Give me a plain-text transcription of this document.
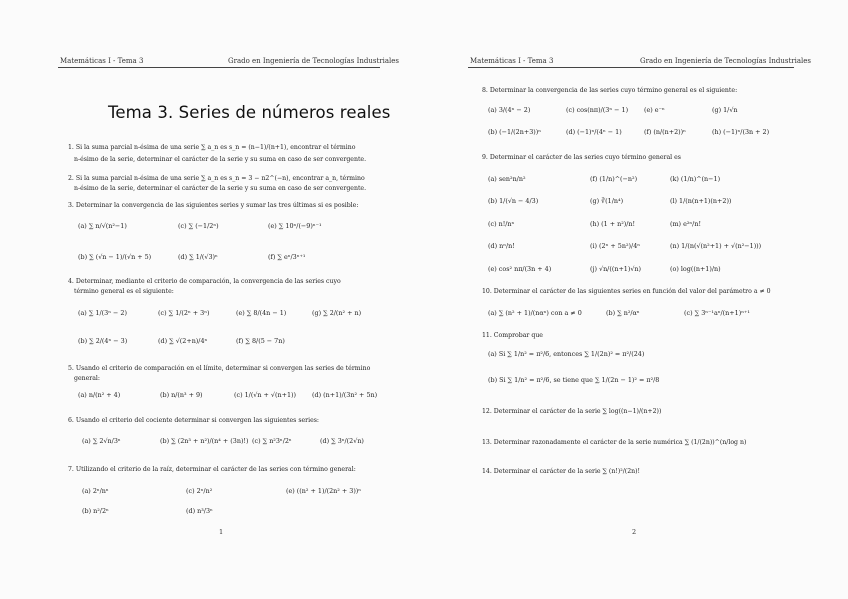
Matemáticas I - Tema 3	Grado en Ingeniería de Tecnologías Industriales
Tema 3. Series de números reales
1. Si la suma parcial n-ésima de una serie ∑ a_n es s_n = (n−1)/(n+1), encontrar el término
n-ésimo de la serie, determinar el carácter de la serie y su suma en caso de ser convergente.
2. Si la suma parcial n-ésima de una serie ∑ a_n es s_n = 3 − n2^(−n), encontrar a_n, término
n-ésimo de la serie, determinar el carácter de la serie y su suma en caso de ser convergente.
3. Determinar la convergencia de las siguientes series y sumar las tres últimas si es posible:
(a) ∑ n/√(n²−1)	(c) ∑ (−1/2ⁿ)	(e) ∑ 10ⁿ/(−9)ⁿ⁻¹
(b) ∑ (√n − 1)/(√n + 5)	(d) ∑ 1/(√3)ⁿ	(f) ∑ eⁿ/3ⁿ⁺¹
4. Determinar, mediante el criterio de comparación, la convergencia de las series cuyo
término general es el siguiente:
(a) ∑ 1/(3ⁿ − 2)	(c) ∑ 1/(2ⁿ + 3ⁿ)	(e) ∑ 8/(4n − 1)	(g) ∑ 2/(n² + n)
(b) ∑ 2/(4ⁿ − 3)	(d) ∑ √(2+n)/4ⁿ	(f) ∑ 8/(5 − 7n)
5. Usando el criterio de comparación en el límite, determinar si convergen las series de término
general:
(a) n/(n² + 4)	(b) n/(n³ + 9)	(c) 1/(√n + √(n+1)) (d) (n+1)/(3n² + 5n)
6. Usando el criterio del cociente determinar si convergen las siguientes series:
(a) ∑ 2√n/3ⁿ	(b) ∑ (2n³ + n²)/(n⁴ + (3n)!) (c) ∑ n²3ⁿ/2ⁿ	(d) ∑ 3ⁿ/(2√n)
7. Utilizando el criterio de la raíz, determinar el carácter de las series con término general:
(a) 2ⁿ/nⁿ	(c) 2ⁿ/n²	(e) ((n² + 1)/(2n² + 3))ⁿ
(b) n²/2ⁿ	(d) n³/3ⁿ
1
Matemáticas I - Tema 3	Grado en Ingeniería de Tecnologías Industriales
8. Determinar la convergencia de las series cuyo término general es el siguiente:
(a) 3/(4ⁿ − 2)	(c) cos(nπ)/(3ⁿ − 1) (e) e⁻ⁿ	(g) 1/√n
(b) (−1/(2n+3))ⁿ	(d) (−1)ⁿ/(4ⁿ − 1)	(f) (n/(n+2))ⁿ	(h) (−1)ⁿ/(3n + 2)
9. Determinar el carácter de las series cuyo término general es
(a) sen²n/n²	(f) (1/n)^(−n²)	(k) (1/n)^(n−1)
(b) 1/(√n − 4/3)	(g) ∛(1/n⁴)	(l) 1/(n(n+1)(n+2))
(c) n!/nⁿ	(h) (1 + n²)/n!	(m) e²ⁿ/n!
(d) nⁿ/n!	(i) (2ⁿ + 5n²)/4ⁿ	(n) 1/(n(√(n²+1) + √(n²−1)))
(e) cos² nπ/(3n + 4)	(j) √n/((n+1)√n)	(o) log((n+1)/n)
10. Determinar el carácter de las siguientes series en función del valor del parámetro a ≠ 0
(a) ∑ (n² + 1)/(nαⁿ) con a ≠ 0	(b) ∑ n²/αⁿ	(c) ∑ 3ⁿ⁻¹aⁿ/(n+1)ⁿ⁺¹
11. Comprobar que
(a) Si ∑ 1/n² = π²/6, entonces ∑ 1/(2n)² = π²/(24)
(b) Si ∑ 1/n² = π²/6, se tiene que ∑ 1/(2n − 1)² = π²/8
12. Determinar el carácter de la serie ∑ log((n−1)/(n+2))
13. Determinar razonadamente el carácter de la serie numérica ∑ (1/(2n))^(n/log n)
14. Determinar el carácter de la serie ∑ (n!)²/(2n)!
2
